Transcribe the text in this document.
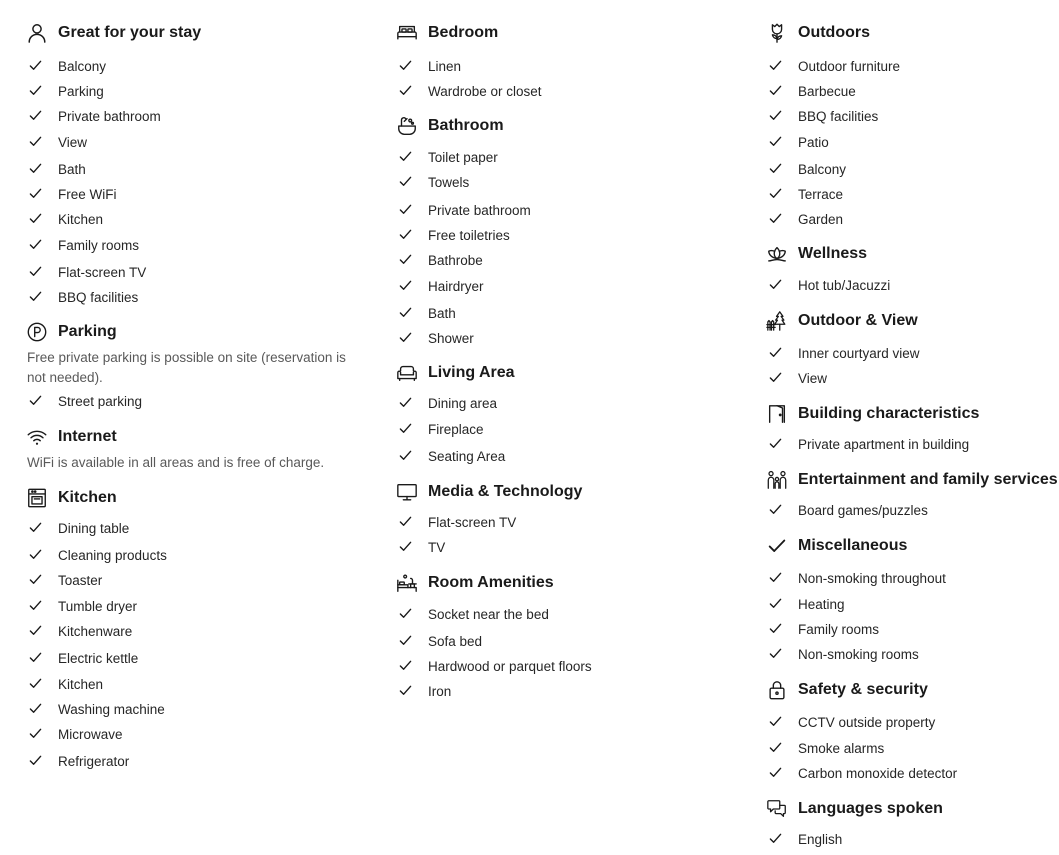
Great for your stay
Balcony
Parking
Private bathroom
View
Bath
Free WiFi
Kitchen
Family rooms
Flat-screen TV
BBQ facilities
Parking
Free private parking is possible on site (reservation is not needed).
Street parking
Internet
WiFi is available in all areas and is free of charge.
Kitchen
Dining table
Cleaning products
Toaster
Tumble dryer
Kitchenware
Electric kettle
Kitchen
Washing machine
Microwave
Refrigerator
Bedroom
Linen
Wardrobe or closet
Bathroom
Toilet paper
Towels
Private bathroom
Free toiletries
Bathrobe
Hairdryer
Bath
Shower
Living Area
Dining area
Fireplace
Seating Area
Media & Technology
Flat-screen TV
TV
Room Amenities
Socket near the bed
Sofa bed
Hardwood or parquet floors
Iron
Outdoors
Outdoor furniture
Barbecue
BBQ facilities
Patio
Balcony
Terrace
Garden
Wellness
Hot tub/Jacuzzi
Outdoor & View
Inner courtyard view
View
Building characteristics
Private apartment in building
Entertainment and family services
Board games/puzzles
Miscellaneous
Non-smoking throughout
Heating
Family rooms
Non-smoking rooms
Safety & security
CCTV outside property
Smoke alarms
Carbon monoxide detector
Languages spoken
English
